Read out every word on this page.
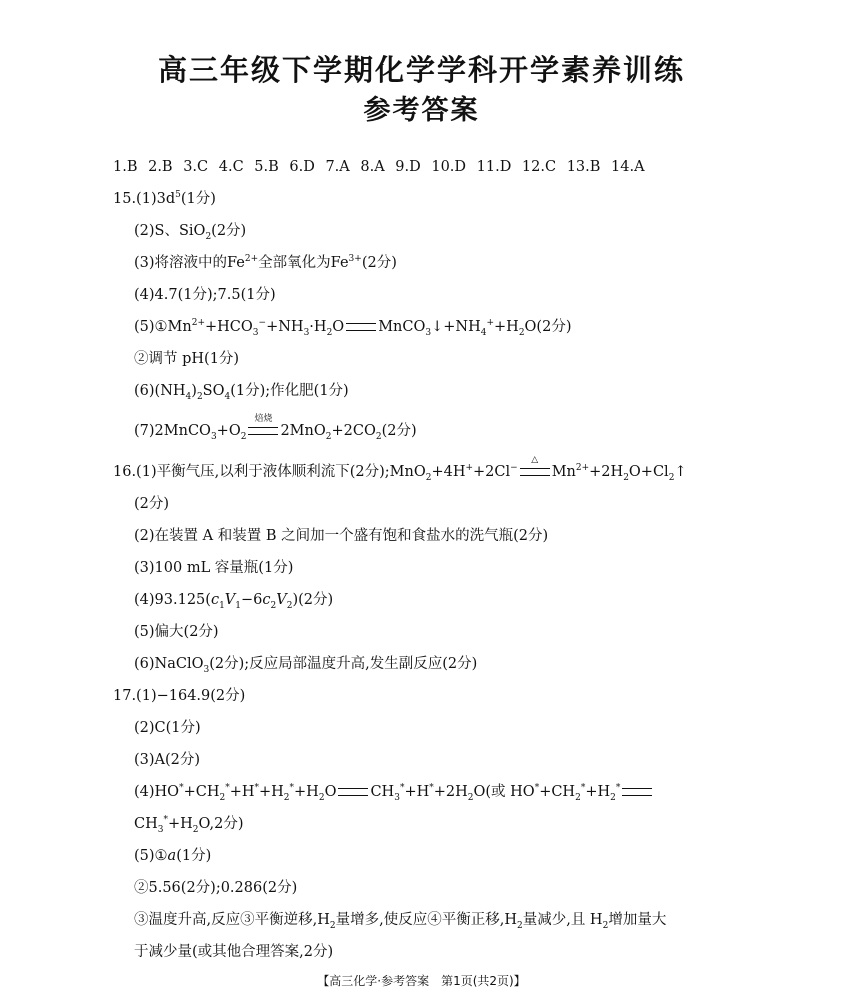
高三年级下学期化学学科开学素养训练
参考答案
1.B 2.B 3.C 4.C 5.B 6.D 7.A 8.A 9.D 10.D 11.D 12.C 13.B 14.A
$15.(1)3d^5(1$分)
(2)S、SiO$_2$(2分)
(3)将溶液中的$Fe^{2+}$全部氧化为$Fe^{3+}(2$分)
(4)4.7(1分);7.5(1分)
$(5)①Mn^{2+}+HCO_3^-+NH_3\cdot H_2O$ $MnCO_3↓+NH_4^++H_2O(2$分)
②调节 pH(1分)
$(6)(NH_4)_2SO_4(1$分);作化肥(1分)
$(7)2MnCO_3+O_2$
焙烧
$2MnO_2+2CO_2(2$分)
16.(1)平衡气压,以利于液体顺利流下(2分);MnO$_2$+4H++2Cl−
△
$Mn^{2+}+2H_2O+Cl_2↑$
(2分)
(2)在装置 A 和装置 B 之间加一个盛有饱和食盐水的洗气瓶(2分)
(3)100 mL 容量瓶(1分)
$(4)93.125(c_1V_1-6c_2V_2)(2$分)
(5)偏大(2分)
(6)NaClO$_3$(2分);反应局部温度升高,发生副反应(2分)
17.(1)−164.9(2分)
(2)C(1分)
(3)A(2分)
$(4)HO^*+CH_2^*+H^*+H_2^*+H_2O$ $CH_3^*+H^*+2H_2O$(或 $HO^*+CH_2^*+H_2^*$
$CH_3^*+H_2O,2$分)
(5)①a(1分)
②5.56(2分);0.286(2分)
③温度升高,反应③平衡逆移$,H_2$量增多,使反应④平衡正移$,H_2$量减少,且 $H_2$增加量大
于减少量(或其他合理答案,2分)
【高三化学·参考答案　第1页(共2页)】
